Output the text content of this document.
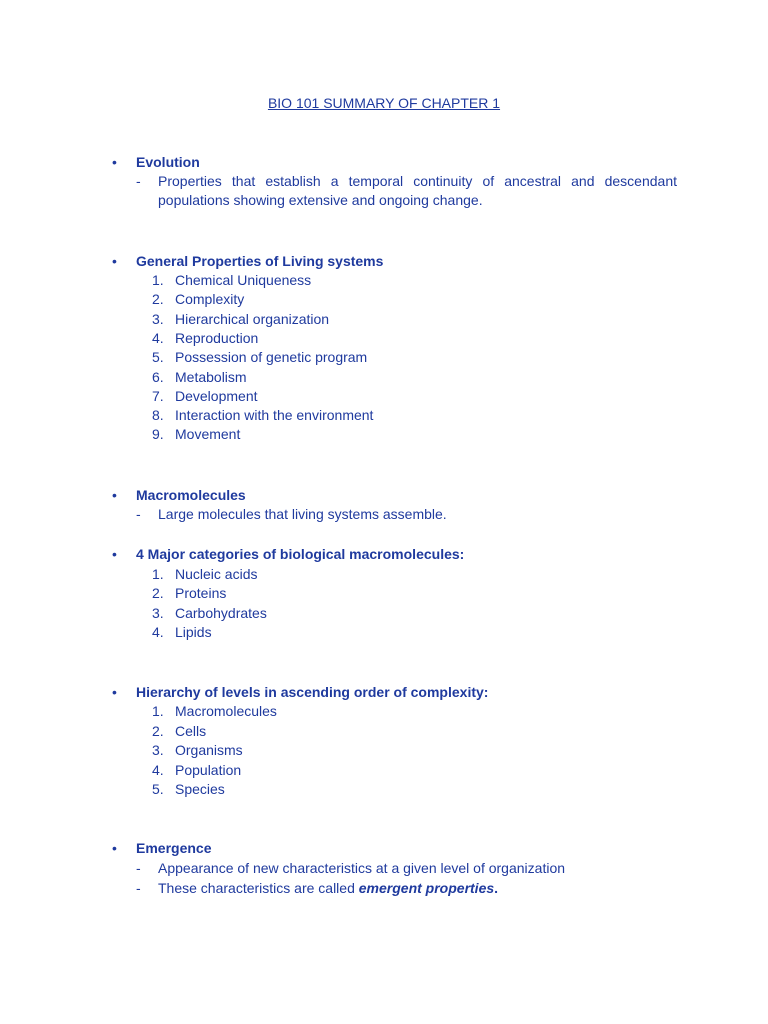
BIO 101 SUMMARY OF CHAPTER 1
• Evolution
- Properties that establish a temporal continuity of ancestral and descendant populations showing extensive and ongoing change.
• General Properties of Living systems
1. Chemical Uniqueness
2. Complexity
3. Hierarchical organization
4. Reproduction
5. Possession of genetic program
6. Metabolism
7. Development
8. Interaction with the environment
9. Movement
• Macromolecules
- Large molecules that living systems assemble.
• 4 Major categories of biological macromolecules:
1. Nucleic acids
2. Proteins
3. Carbohydrates
4. Lipids
• Hierarchy of levels in ascending order of complexity:
1. Macromolecules
2. Cells
3. Organisms
4. Population
5. Species
• Emergence
- Appearance of new characteristics at a given level of organization
- These characteristics are called emergent properties.
